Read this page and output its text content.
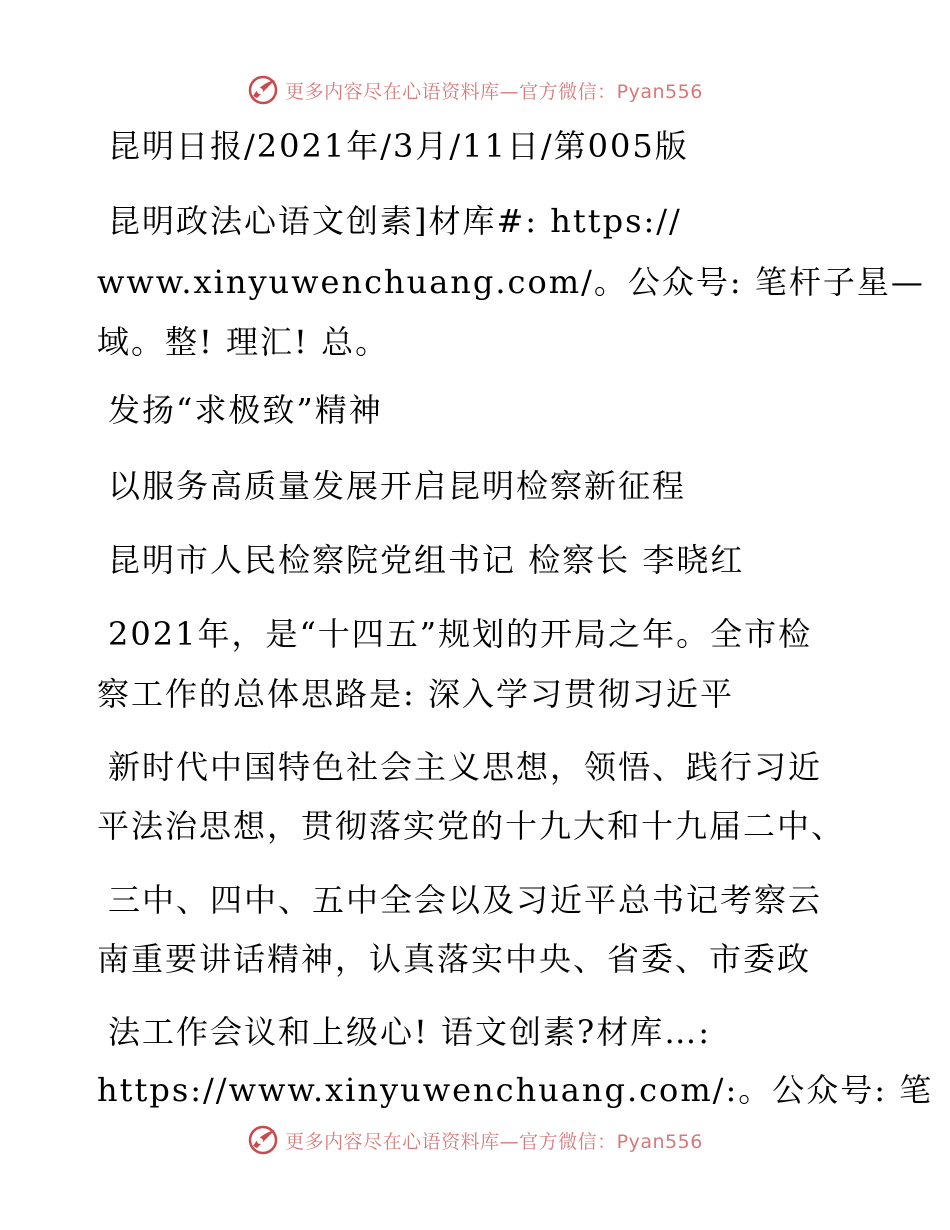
更多内容尽在心语资料库—官方微信：Pyan556
昆明日报/2021年/3月/11日/第005版
昆明政法心语文创素]材库#: https://
www.xinyuwenchuang.com/。公众号: 笔杆子星—
域。整! 理汇! 总。
发扬“求极致”精神
以服务高质量发展开启昆明检察新征程
昆明市人民检察院党组书记 检察长 李晓红
2021年，是“十四五”规划的开局之年。全市检
察工作的总体思路是: 深入学习贯彻习近平
新时代中国特色社会主义思想，领悟、践行习近
平法治思想，贯彻落实党的十九大和十九届二中、
三中、四中、五中全会以及习近平总书记考察云
南重要讲话精神，认真落实中央、省委、市委政
法工作会议和上级心! 语文创素?材库…:
https://www.xinyuwenchuang.com/:。公众号: 笔
更多内容尽在心语资料库—官方微信：Pyan556
